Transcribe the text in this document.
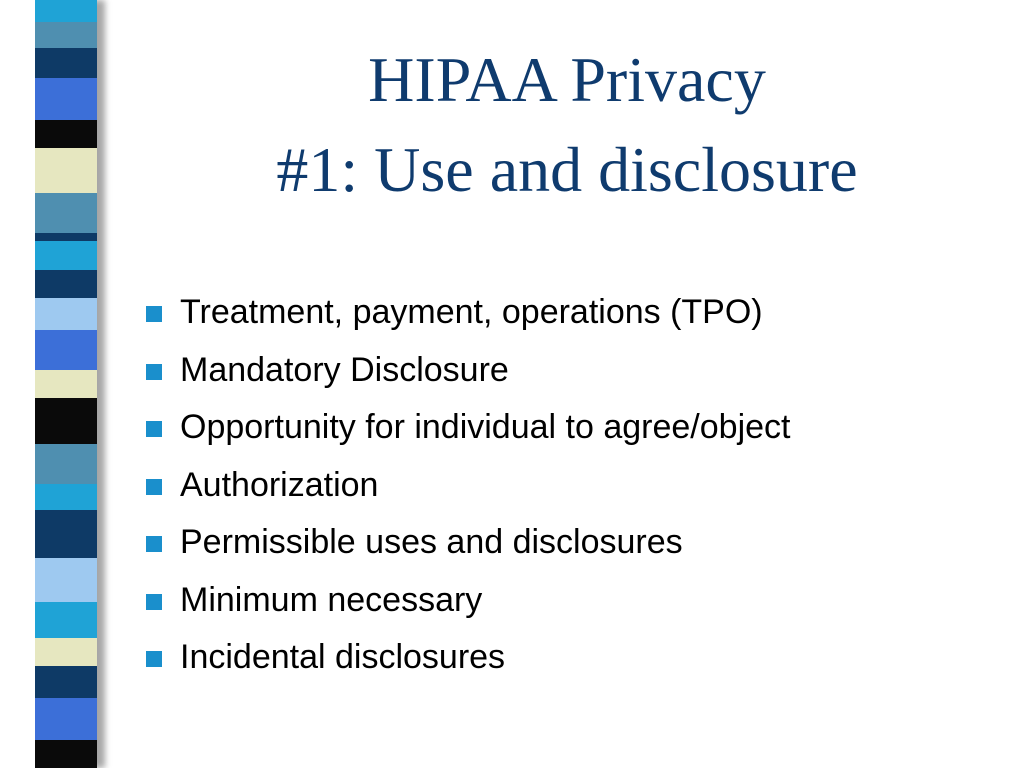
HIPAA Privacy
#1: Use and disclosure
Treatment, payment, operations (TPO)
Mandatory Disclosure
Opportunity for individual to agree/object
Authorization
Permissible uses and disclosures
Minimum necessary
Incidental disclosures
